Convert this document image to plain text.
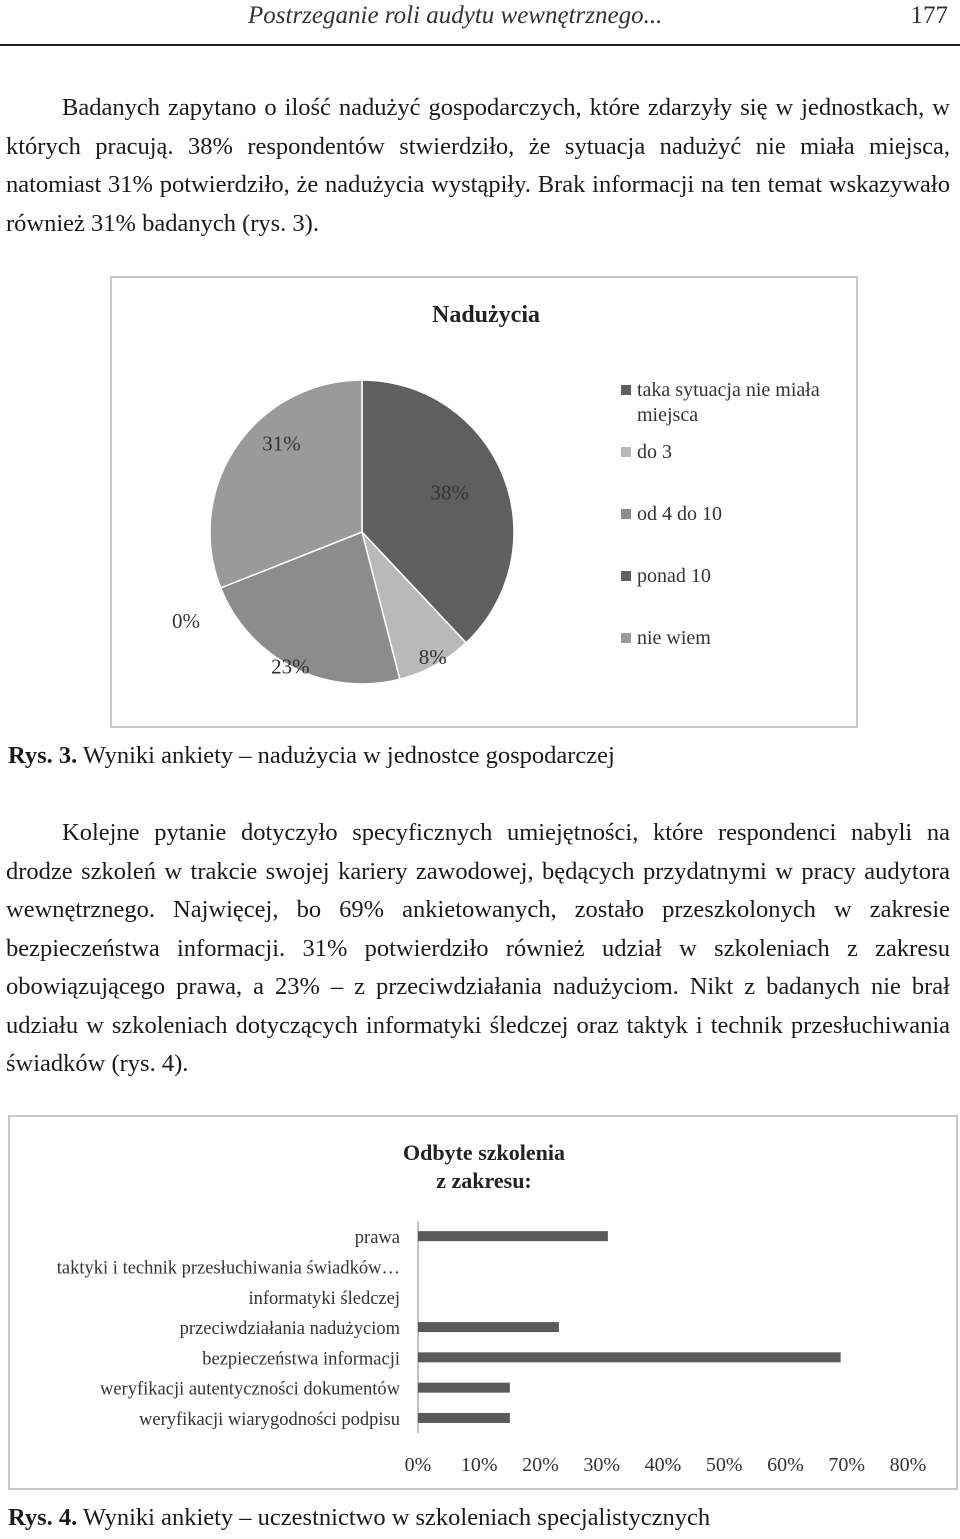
Postrzeganie roli audytu wewnętrznego...	177

Badanych zapytano o ilość nadużyć gospodarczych, które zdarzyły się w jednostkach, w których pracują. 38% respondentów stwierdziło, że sytuacja nadużyć nie miała miejsca, natomiast 31% potwierdziło, że nadużycia wystąpiły. Brak informacji na ten temat wskazywało również 31% badanych (rys. 3).

Nadużycia
38%
8%
23%
0%
31%
taka sytuacja nie miała
miejsca
do 3
od 4 do 10
ponad 10
nie wiem

Rys. 3. Wyniki ankiety – nadużycia w jednostce gospodarczej

Kolejne pytanie dotyczyło specyficznych umiejętności, które respondenci nabyli na drodze szkoleń w trakcie swojej kariery zawodowej, będących przydatnymi w pracy audytora wewnętrznego. Najwięcej, bo 69% ankietowanych, zostało przeszkolonych w zakresie bezpieczeństwa informacji. 31% potwierdziło również udział w szkoleniach z zakresu obowiązującego prawa, a 23% – z przeciwdziałania nadużyciom. Nikt z badanych nie brał udziału w szkoleniach dotyczących informatyki śledczej oraz taktyk i technik przesłuchiwania świadków (rys. 4).

Odbyte szkolenia
z zakresu:
prawa
taktyki i technik przesłuchiwania świadków…
informatyki śledczej
przeciwdziałania nadużyciom
bezpieczeństwa informacji
weryfikacji autentyczności dokumentów
weryfikacji wiarygodności podpisu
0% 10% 20% 30% 40% 50% 60% 70% 80%

Rys. 4. Wyniki ankiety – uczestnictwo w szkoleniach specjalistycznych
